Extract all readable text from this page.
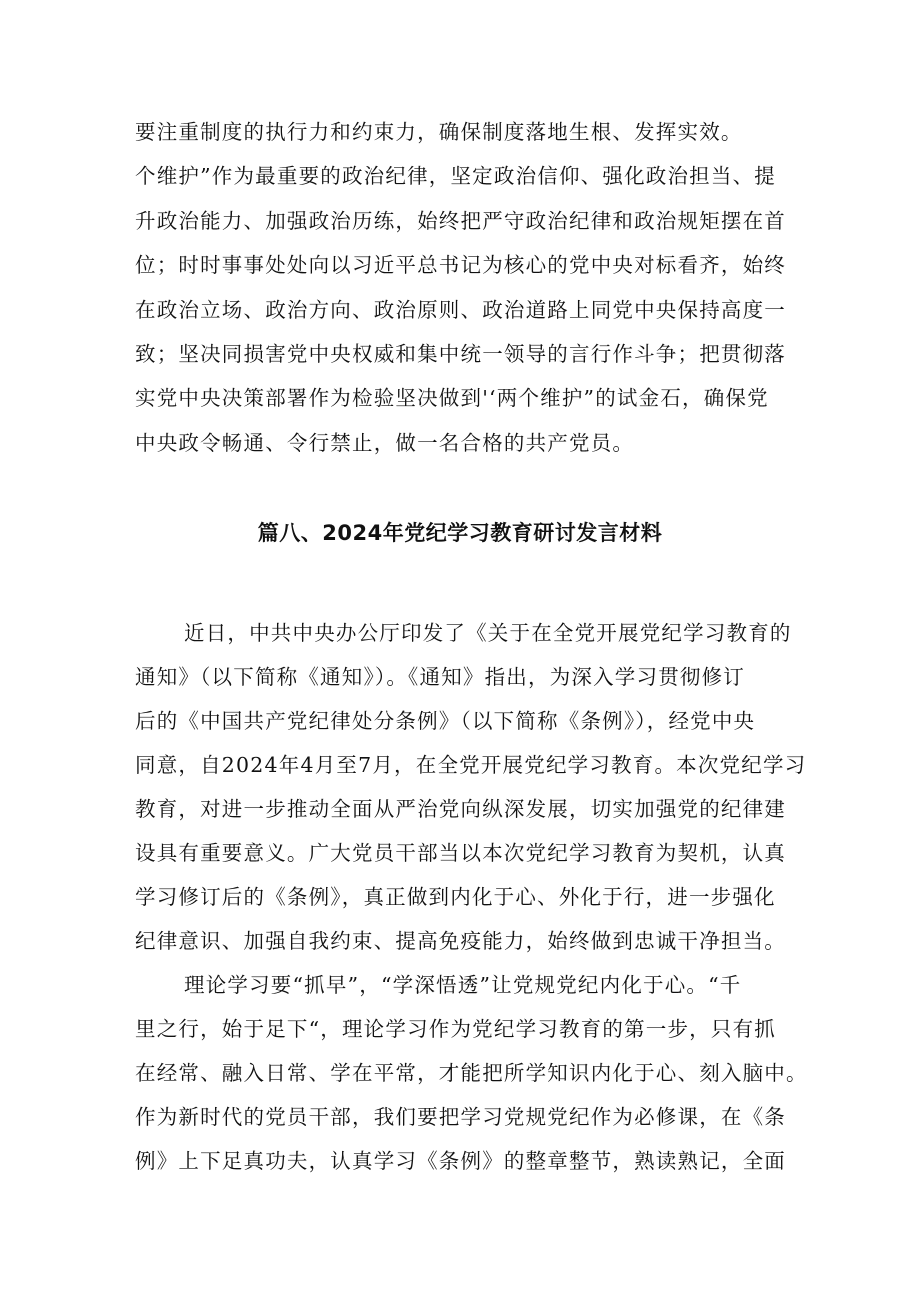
要注重制度的执行力和约束力，确保制度落地生根、发挥实效。
个维护”作为最重要的政治纪律，坚定政治信仰、强化政治担当、提
升政治能力、加强政治历练，始终把严守政治纪律和政治规矩摆在首
位；时时事事处处向以习近平总书记为核心的党中央对标看齐，始终
在政治立场、政治方向、政治原则、政治道路上同党中央保持高度一
致；坚决同损害党中央权威和集中统一领导的言行作斗争；把贯彻落
实党中央决策部署作为检验坚决做到'‘两个维护”的试金石，确保党
中央政令畅通、令行禁止，做一名合格的共产党员。
篇八、2024年党纪学习教育研讨发言材料
近日，中共中央办公厅印发了《关于在全党开展党纪学习教育的
通知》（以下简称《通知》）。《通知》指出，为深入学习贯彻修订
后的《中国共产党纪律处分条例》（以下简称《条例》），经党中央
同意，自2024年4月至7月，在全党开展党纪学习教育。本次党纪学习
教育，对进一步推动全面从严治党向纵深发展，切实加强党的纪律建
设具有重要意义。广大党员干部当以本次党纪学习教育为契机，认真
学习修订后的《条例》，真正做到内化于心、外化于行，进一步强化
纪律意识、加强自我约束、提高免疫能力，始终做到忠诚干净担当。
理论学习要“抓早”，“学深悟透”让党规党纪内化于心。“千
里之行，始于足下“，理论学习作为党纪学习教育的第一步，只有抓
在经常、融入日常、学在平常，才能把所学知识内化于心、刻入脑中。
作为新时代的党员干部，我们要把学习党规党纪作为必修课，在《条
例》上下足真功夫，认真学习《条例》的整章整节，熟读熟记，全面
